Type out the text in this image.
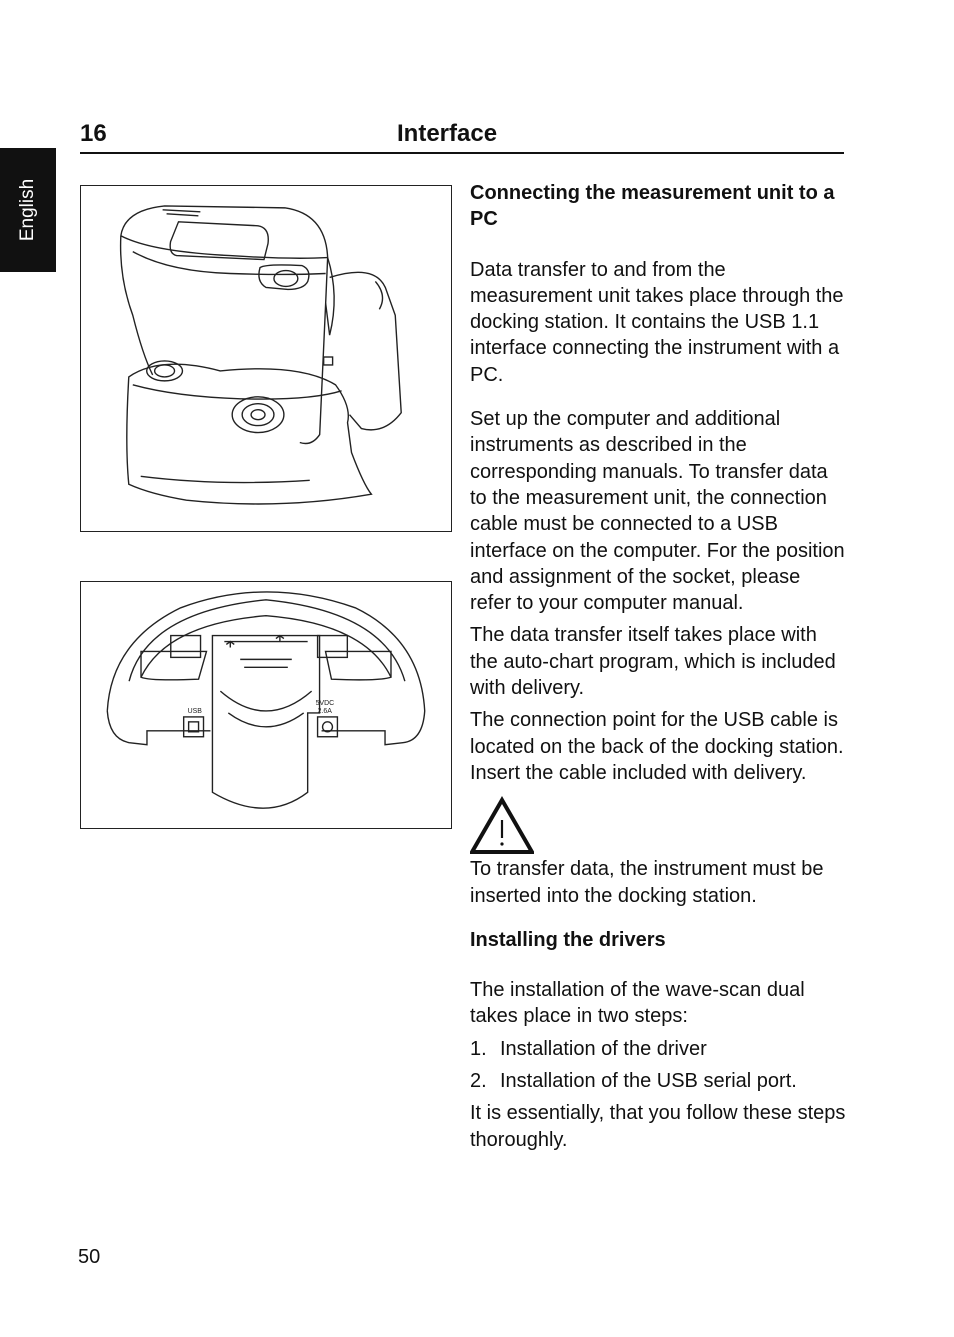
English
16	Interface
USB
5VDC 2.6A

Connecting the measurement unit to a PC

Data transfer to and from the measurement unit takes place through the docking station. It contains the USB 1.1 interface connecting the instrument with a PC.

Set up the computer and additional instruments as described in the corresponding manuals. To transfer data to the measurement unit, the connection cable must be connected to a USB interface on the computer. For the position and assignment of the socket, please refer to your computer manual.

The data transfer itself takes place with the auto-chart program, which is included with delivery.

The connection point for the USB cable is located on the back of the docking station. Insert the cable included with delivery.

To transfer data, the instrument must be inserted into the docking station.

Installing the drivers

The installation of the wave-scan dual takes place in two steps:

1. Installation of the driver
2. Installation of the USB serial port.

It is essentially, that you follow these steps thoroughly.

50
